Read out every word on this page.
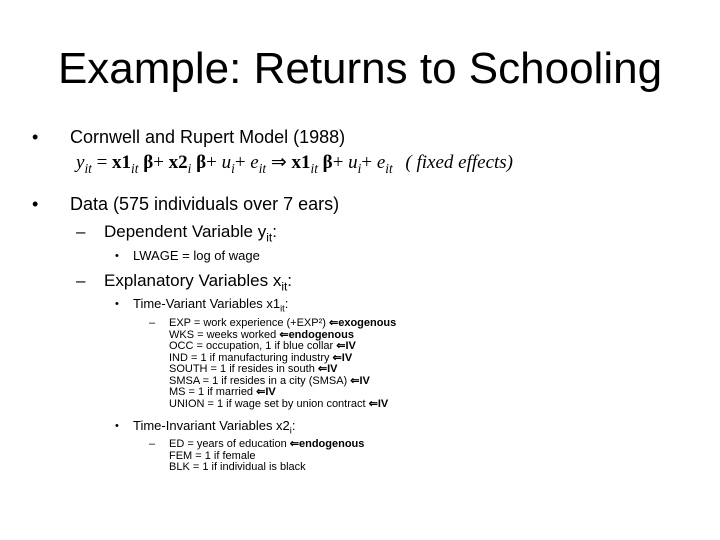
Example: Returns to Schooling
• Cornwell and Rupert Model (1988)
$y_{it} = x1_{it}$ $\beta+ x2_i$ $\beta+ u_i+ e_{it}$ ⇒ $x1_{it}$ $\beta+ u_i+ e_{it}$ ( fixed effects)
• Data (575 individuals over 7 ears)
– Dependent Variable $y_{it}$:
• LWAGE = log of wage
– Explanatory Variables $x_{it}$:
• Time-Variant Variables $x1_{it}$:
– EXP = work experience (+EXP²) ⇐exogenous
WKS = weeks worked ⇐endogenous
OCC = occupation, 1 if blue collar ⇐IV
IND = 1 if manufacturing industry ⇐IV
SOUTH = 1 if resides in south ⇐IV
SMSA = 1 if resides in a city (SMSA) ⇐IV
MS = 1 if married ⇐IV
UNION = 1 if wage set by union contract ⇐IV
• Time-Invariant Variables $x2_i$:
– ED = years of education ⇐endogenous
FEM = 1 if female
BLK = 1 if individual is black
